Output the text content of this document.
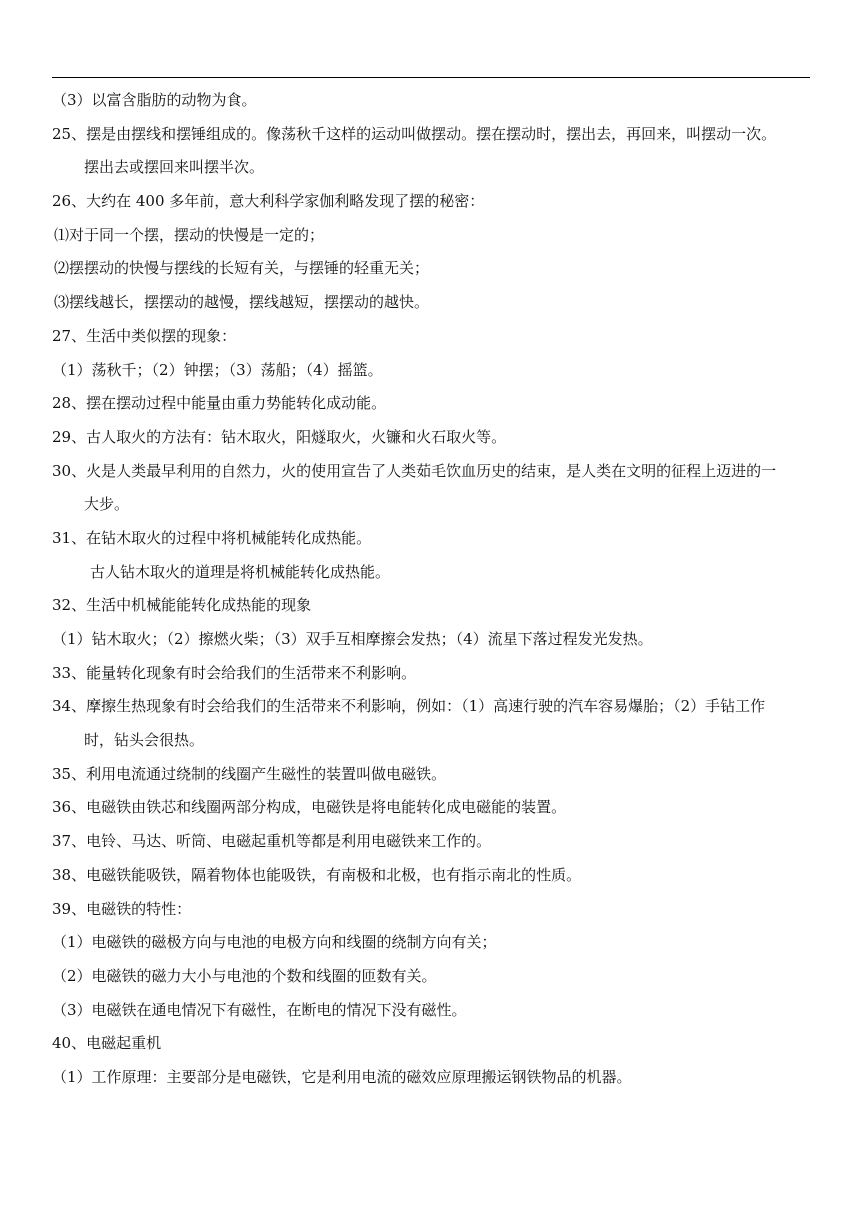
（3）以富含脂肪的动物为食。
25、摆是由摆线和摆锤组成的。像荡秋千这样的运动叫做摆动。摆在摆动时，摆出去，再回来，叫摆动一次。
摆出去或摆回来叫摆半次。
26、大约在 400 多年前，意大利科学家伽利略发现了摆的秘密：
⑴对于同一个摆，摆动的快慢是一定的；
⑵摆摆动的快慢与摆线的长短有关，与摆锤的轻重无关；
⑶摆线越长，摆摆动的越慢，摆线越短，摆摆动的越快。
27、生活中类似摆的现象：
（1）荡秋千；（2）钟摆；（3）荡船；（4）摇篮。
28、摆在摆动过程中能量由重力势能转化成动能。
29、古人取火的方法有：钻木取火，阳燧取火，火镰和火石取火等。
30、火是人类最早利用的自然力，火的使用宣告了人类茹毛饮血历史的结束，是人类在文明的征程上迈进的一
大步。
31、在钻木取火的过程中将机械能转化成热能。
古人钻木取火的道理是将机械能转化成热能。
32、生活中机械能能转化成热能的现象
（1）钻木取火；（2）擦燃火柴；（3）双手互相摩擦会发热；（4）流星下落过程发光发热。
33、能量转化现象有时会给我们的生活带来不利影响。
34、摩擦生热现象有时会给我们的生活带来不利影响，例如：（1）高速行驶的汽车容易爆胎；（2）手钻工作
时，钻头会很热。
35、利用电流通过绕制的线圈产生磁性的装置叫做电磁铁。
36、电磁铁由铁芯和线圈两部分构成，电磁铁是将电能转化成电磁能的装置。
37、电铃、马达、听筒、电磁起重机等都是利用电磁铁来工作的。
38、电磁铁能吸铁，隔着物体也能吸铁，有南极和北极，也有指示南北的性质。
39、电磁铁的特性：
（1）电磁铁的磁极方向与电池的电极方向和线圈的绕制方向有关；
（2）电磁铁的磁力大小与电池的个数和线圈的匝数有关。
（3）电磁铁在通电情况下有磁性，在断电的情况下没有磁性。
40、电磁起重机
（1）工作原理：主要部分是电磁铁，它是利用电流的磁效应原理搬运钢铁物品的机器。
